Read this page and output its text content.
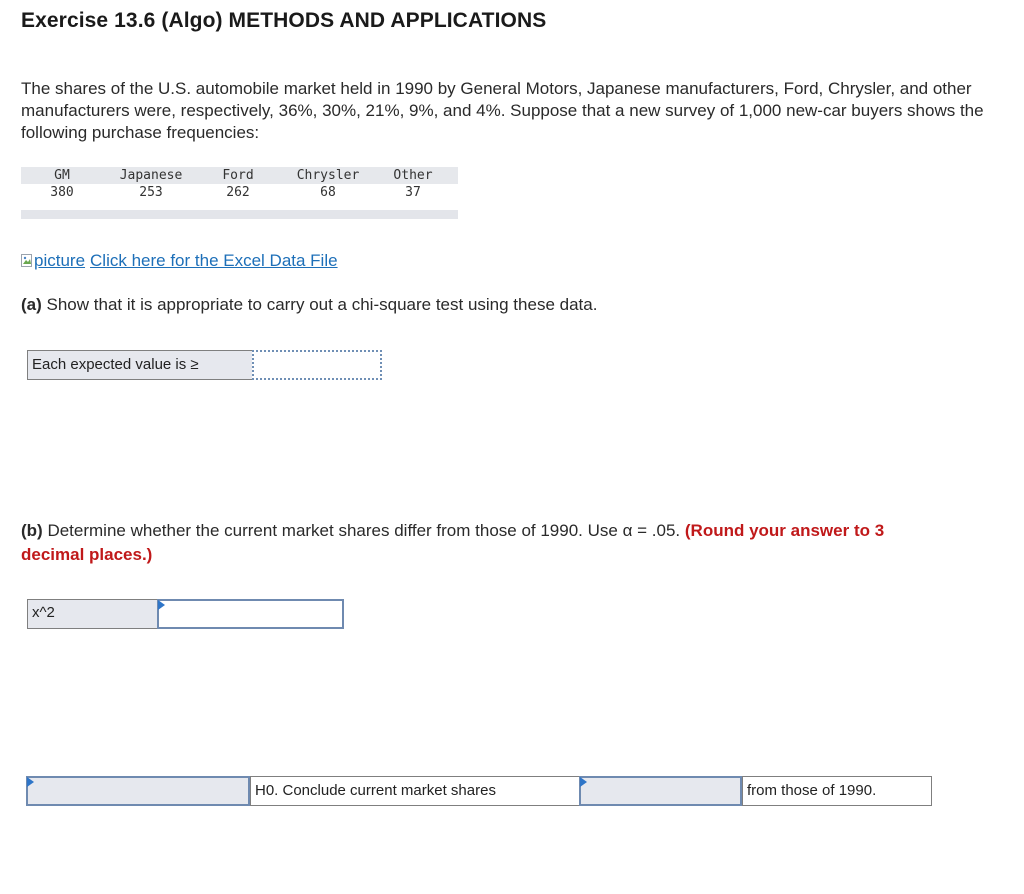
Exercise 13.6 (Algo) METHODS AND APPLICATIONS
The shares of the U.S. automobile market held in 1990 by General Motors, Japanese manufacturers, Ford, Chrysler, and other manufacturers were, respectively, 36%, 30%, 21%, 9%, and 4%. Suppose that a new survey of 1,000 new-car buyers shows the following purchase frequencies:
GM	Japanese	Ford	Chrysler	Other
380	253	262	68	37
picture Click here for the Excel Data File
(a) Show that it is appropriate to carry out a chi-square test using these data.
Each expected value is ≥
(b) Determine whether the current market shares differ from those of 1990. Use α = .05. (Round your answer to 3 decimal places.)
x^2
H0. Conclude current market shares	from those of 1990.
